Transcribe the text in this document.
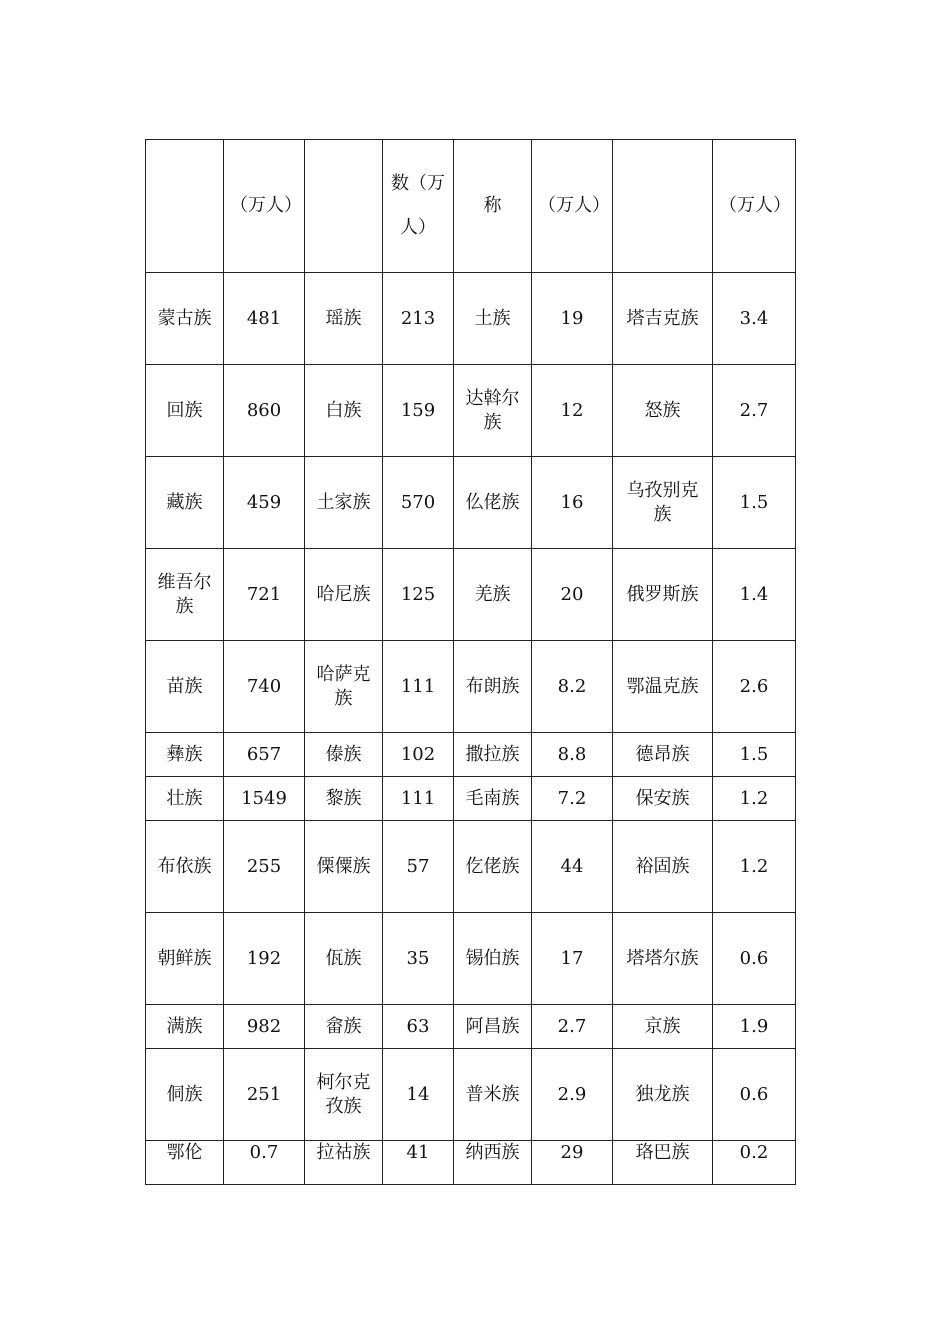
	（万人）		数（万人）	称	（万人）		（万人）
蒙古族	481	瑶族	213	土族	19	塔吉克族	3.4
回族	860	白族	159	达斡尔族	12	怒族	2.7
藏族	459	土家族	570	仫佬族	16	乌孜别克族	1.5
维吾尔族	721	哈尼族	125	羌族	20	俄罗斯族	1.4
苗族	740	哈萨克族	111	布朗族	8.2	鄂温克族	2.6
彝族	657	傣族	102	撒拉族	8.8	德昂族	1.5
壮族	1549	黎族	111	毛南族	7.2	保安族	1.2
布依族	255	傈僳族	57	仡佬族	44	裕固族	1.2
朝鲜族	192	佤族	35	锡伯族	17	塔塔尔族	0.6
满族	982	畲族	63	阿昌族	2.7	京族	1.9
侗族	251	柯尔克孜族	14	普米族	2.9	独龙族	0.6
鄂伦	0.7	拉祜族	41	纳西族	29	珞巴族	0.2
